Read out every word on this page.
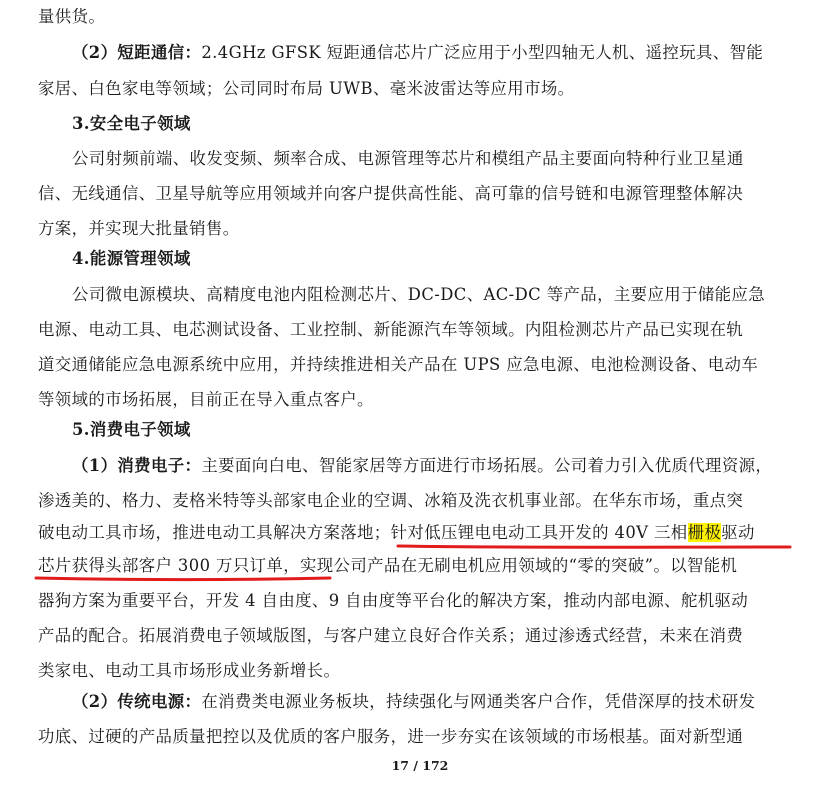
量供货。
（2）短距通信：2.4GHz GFSK 短距通信芯片广泛应用于小型四轴无人机、遥控玩具、智能
家居、白色家电等领域；公司同时布局 UWB、毫米波雷达等应用市场。
3.安全电子领域
公司射频前端、收发变频、频率合成、电源管理等芯片和模组产品主要面向特种行业卫星通
信、无线通信、卫星导航等应用领域并向客户提供高性能、高可靠的信号链和电源管理整体解决
方案，并实现大批量销售。
4.能源管理领域
公司微电源模块、高精度电池内阻检测芯片、DC-DC、AC-DC 等产品，主要应用于储能应急
电源、电动工具、电芯测试设备、工业控制、新能源汽车等领域。内阻检测芯片产品已实现在轨
道交通储能应急电源系统中应用，并持续推进相关产品在 UPS 应急电源、电池检测设备、电动车
等领域的市场拓展，目前正在导入重点客户。
5.消费电子领域
（1）消费电子：主要面向白电、智能家居等方面进行市场拓展。公司着力引入优质代理资源，
渗透美的、格力、麦格米特等头部家电企业的空调、冰箱及洗衣机事业部。在华东市场，重点突
破电动工具市场，推进电动工具解决方案落地；针对低压锂电电动工具开发的 40V 三相栅极驱动
芯片获得头部客户 300 万只订单，实现公司产品在无刷电机应用领域的“零的突破”。以智能机
器狗方案为重要平台，开发 4 自由度、9 自由度等平台化的解决方案，推动内部电源、舵机驱动
产品的配合。拓展消费电子领域版图，与客户建立良好合作关系；通过渗透式经营，未来在消费
类家电、电动工具市场形成业务新增长。
（2）传统电源：在消费类电源业务板块，持续强化与网通类客户合作，凭借深厚的技术研发
功底、过硬的产品质量把控以及优质的客户服务，进一步夯实在该领域的市场根基。面对新型通
17 / 172
